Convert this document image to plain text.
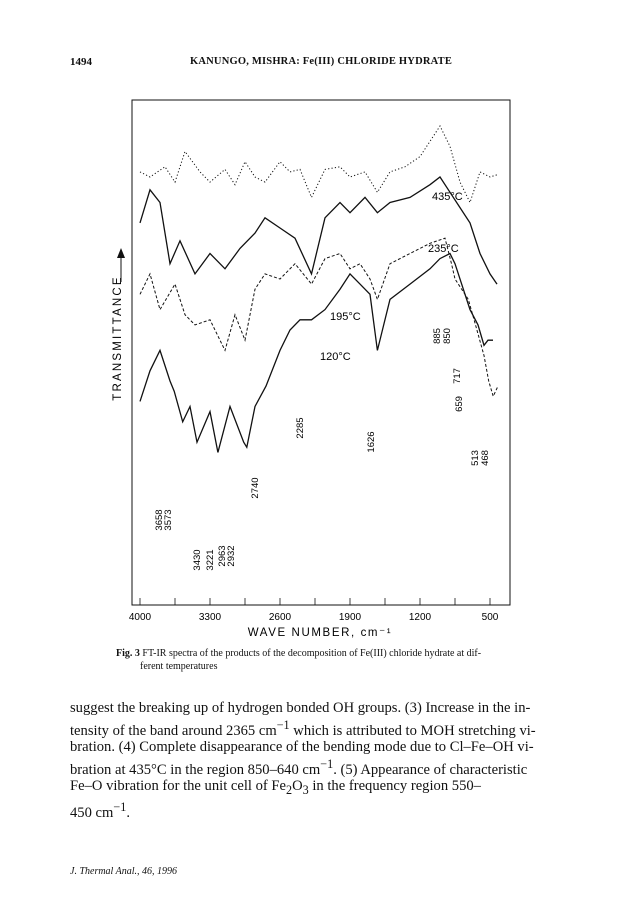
1494	KANUNGO, MISHRA: Fe(III) CHLORIDE HYDRATE
4000	3300	2600	1900	1200	500
435°C
235°C
195°C
120°C
3658
3573
3430 3221 2963
2932
2740
2285
1626
885 850
717
659
513 468
TRANSMITTANCE
WAVE NUMBER, cm⁻¹
Fig. 3 FT-IR spectra of the products of the decomposition of Fe(III) chloride hydrate at dif-
ferent temperatures

suggest the breaking up of hydrogen bonded OH groups. (3) Increase in the in-

tensity of the band around 2365 $cm^{-1}$ which is attributed to MOH stretching vi-

bration. (4) Complete disappearance of the bending mode due to Cl–Fe–OH vi-

bration at 435°C in the region 850–640 $cm^{-1}$. (5) Appearance of characteristic

Fe–O vibration for the unit cell of $Fe_2O_3$ in the frequency region 550–

450 $cm^{-1}$.

J. Thermal Anal., 46, 1996
